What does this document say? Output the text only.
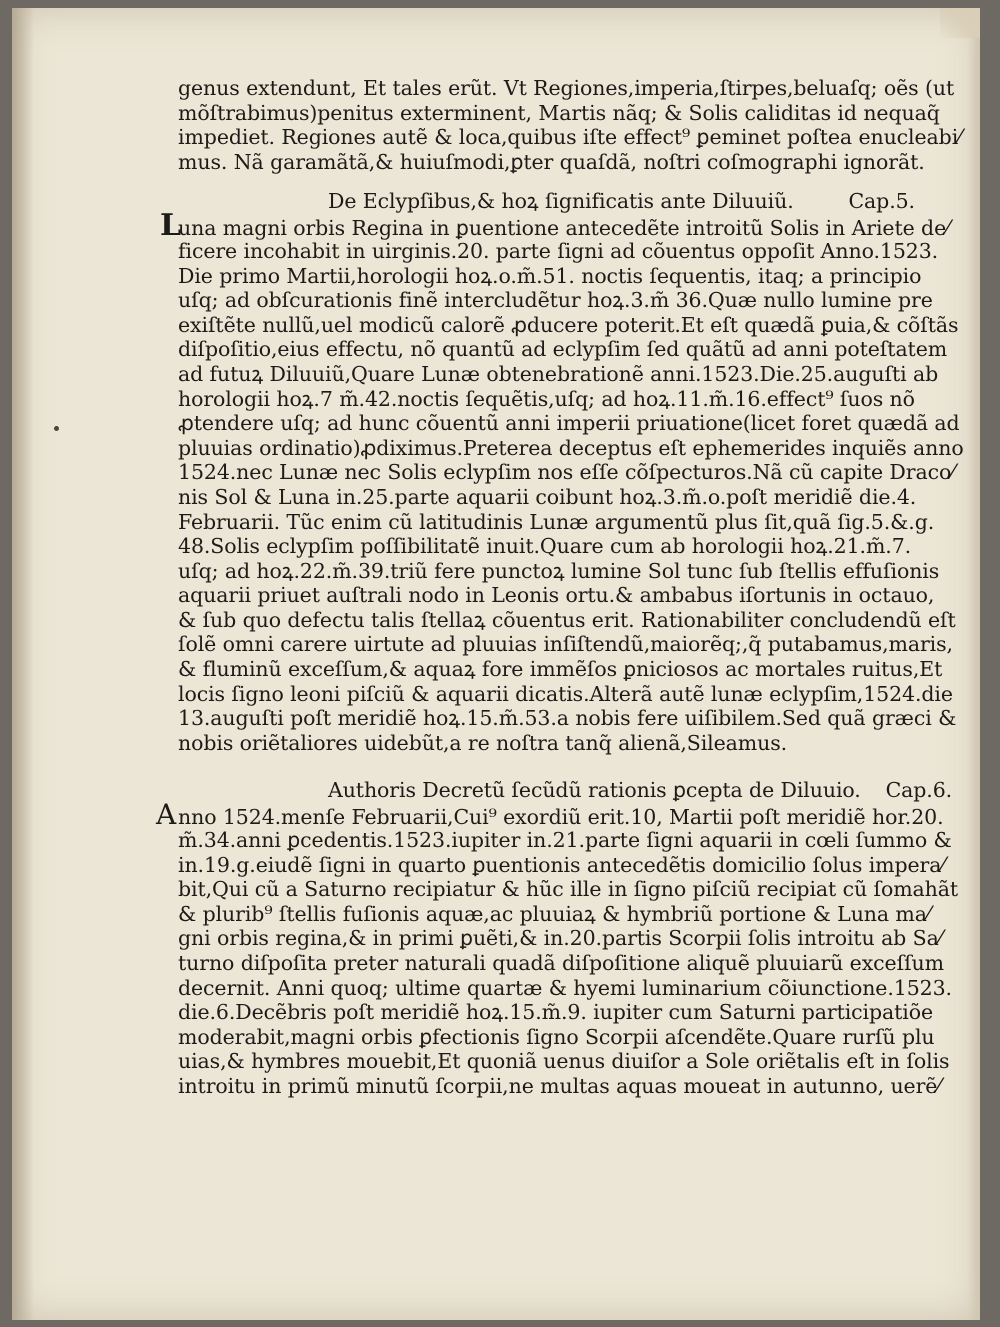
genus extendunt, Et tales erũt. Vt Regiones,imperia,ſtirpes,beluaſq; oẽs (ut
mõſtrabimus)penitus exterminent, Martis nãq; & Solis caliditas id nequaq̃
impediet. Regiones autẽ & loca,quibus iſte effect⁹ ꝑeminet poſtea enucleabi⁄
mus. Nã garamãtã,& huiuſmodi,ꝑter quaſdã, noſtri coſmographi ignorãt.
De Eclypſibus,& hoꝝ ſignificatis ante Diluuiũ.	Cap.5.
Luna magni orbis Regina in ꝑuentione antecedẽte introitũ Solis in Ariete de⁄
ficere incohabit in uirginis.20. parte ſigni ad cõuentus oppoſit Anno.1523.
Die primo Martii,horologii hoꝝ.o.m̃.51. noctis ſequentis, itaq; a principio
uſq; ad obſcurationis finẽ intercludẽtur hoꝝ.3.m̃ 36.Quæ nullo lumine pre
exiſtẽte nullũ,uel modicũ calorẽ ꝓducere poterit.Et eſt quædã ꝑuia,& cõſtãs
diſpoſitio,eius effectu, nõ quantũ ad eclypſim ſed quãtũ ad anni poteſtatem
ad futuꝝ Diluuiũ,Quare Lunæ obtenebrationẽ anni.1523.Die.25.auguſti ab
horologii hoꝝ.7 m̃.42.noctis ſequẽtis,uſq; ad hoꝝ.11.m̃.16.effect⁹ ſuos nõ
ꝓtendere uſq; ad hunc cõuentũ anni imperii priuatione(licet foret quædã ad
pluuias ordinatio)ꝓdiximus.Preterea deceptus eſt ephemerides inquiẽs anno
1524.nec Lunæ nec Solis eclypſim nos eſſe cõſpecturos.Nã cũ capite Draco⁄
nis Sol & Luna in.25.parte aquarii coibunt hoꝝ.3.m̃.o.poſt meridiẽ die.4.
Februarii. Tũc enim cũ latitudinis Lunæ argumentũ plus ſit,quã ſig.5.&.g.
48.Solis eclypſim poſſibilitatẽ inuit.Quare cum ab horologii hoꝝ.21.m̃.7.
uſq; ad hoꝝ.22.m̃.39.triũ fere punctoꝝ lumine Sol tunc ſub ſtellis effuſionis
aquarii priuet auſtrali nodo in Leonis ortu.& ambabus iſortunis in octauo,
& ſub quo defectu talis ſtellaꝝ cõuentus erit. Rationabiliter concludendũ eſt
ſolẽ omni carere uirtute ad pluuias inſiſtendũ,maiorẽq;,q̃ putabamus,maris,
& fluminũ exceſſum,& aquaꝝ fore immẽſos ꝑniciosos ac mortales ruitus,Et
locis ſigno leoni piſciũ & aquarii dicatis.Alterã autẽ lunæ eclypſim,1524.die
13.auguſti poſt meridiẽ hoꝝ.15.m̃.53.a nobis fere uiſibilem.Sed quã græci &
nobis oriẽtaliores uidebũt,a re noſtra tanq̃ alienã,Sileamus.
Authoris Decretũ ſecũdũ rationis ꝑcepta de Diluuio. Cap.6.
Anno 1524.menſe Februarii,Cui⁹ exordiũ erit.10, Martii poſt meridiẽ hor.20.
m̃.34.anni ꝑcedentis.1523.iupiter in.21.parte ſigni aquarii in cœli ſummo &
in.19.g.eiudẽ ſigni in quarto ꝑuentionis antecedẽtis domicilio ſolus impera⁄
bit,Qui cũ a Saturno recipiatur & hũc ille in ſigno piſciũ recipiat cũ ſomahãt
& plurib⁹ ſtellis fuſionis aquæ,ac pluuiaꝝ & hymbriũ portione & Luna ma⁄
gni orbis regina,& in primi ꝑuẽti,& in.20.partis Scorpii ſolis introitu ab Sa⁄
turno diſpoſita preter naturali quadã diſpoſitione aliquẽ pluuiarũ exceſſum
decernit. Anni quoq; ultime quartæ & hyemi luminarium cõiunctione.1523.
die.6.Decẽbris poſt meridiẽ hoꝝ.15.m̃.9. iupiter cum Saturni participatiõe
moderabit,magni orbis ꝑfectionis ſigno Scorpii aſcendẽte.Quare rurſũ plu
uias,& hymbres mouebit,Et quoniã uenus diuiſor a Sole oriẽtalis eſt in ſolis
introitu in primũ minutũ ſcorpii,ne multas aquas moueat in autunno, uerẽ⁄
